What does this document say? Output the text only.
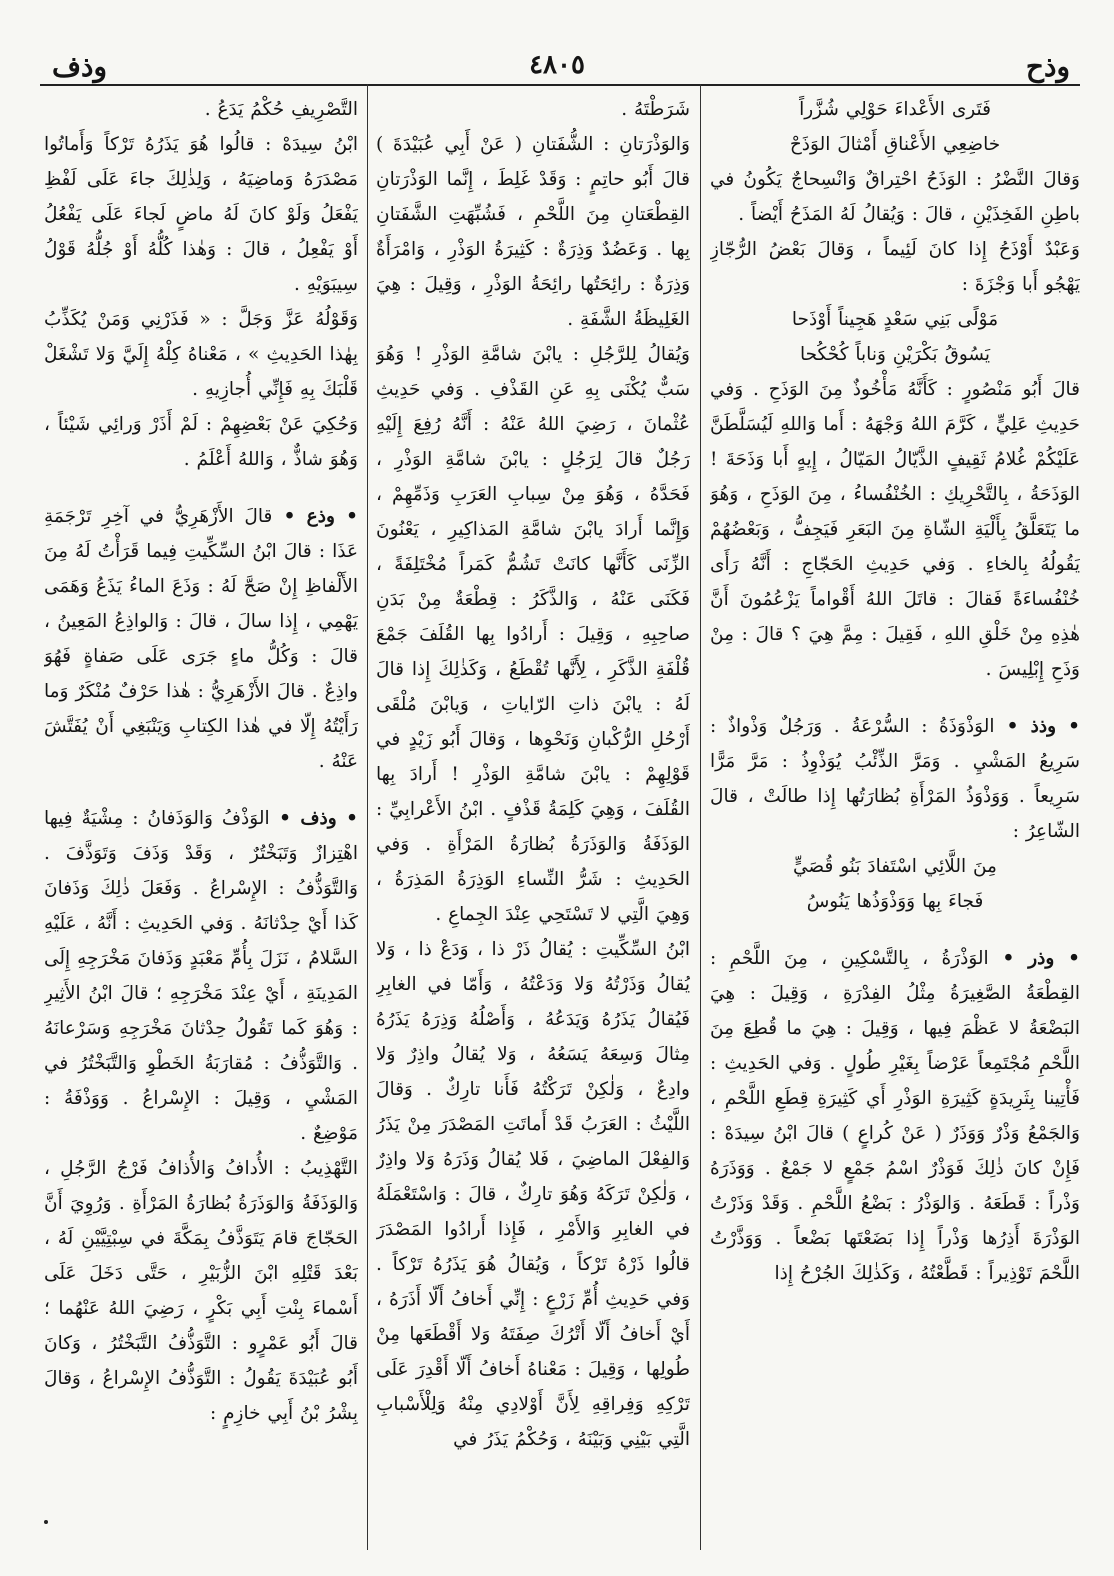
وذف	٤٨٠٥	وذح
فَتَرى الأَعْداءَ حَوْلِي شُزَّراً
خاضِعِي الأَعْناقِ أَمْثالَ الوَذَحْ

وَقالَ النَّضْرُ : الوَذَحُ احْتِراقٌ وَانْسِحاجٌ يَكُونُ في باطِنِ الفَخِذَيْنِ ، قالَ : وَيُقالُ لَهُ المَذَحُ أَيْضاً .

وَعَبْدٌ أَوْذَحُ إِذا كانَ لَئِيماً ، وَقالَ بَعْضُ الرُّجّازِ يَهْجُو أَبا وَجْزَةَ :

مَوْلًى بَنِي سَعْدٍ هَجِيناً أَوْذَحا
يَسُوقُ بَكْرَيْنِ وَناباً كُحْكُحا

قالَ أَبُو مَنْصُورٍ : كَأَنَّهُ مَأْخُوذٌ مِنَ الوَذَحِ . وَفي حَدِيثِ عَلِيٍّ ، كَرَّمَ اللهُ وَجْهَهُ : أَما وَاللهِ لَيُسَلَّطَنَّ عَلَيْكُمْ غُلامُ ثَقِيفٍ الذَّيّالُ المَيّالُ ، إِيهٍ أَبا وَذَحَةَ ! الوَذَحَةُ ، بِالتَّحْرِيكِ : الخُنْفُساءُ ، مِنَ الوَذَحِ ، وَهُوَ ما يَتَعَلَّقُ بِأَلْيَةِ الشّاةِ مِنَ البَعَرِ فَيَجِفُّ ، وَبَعْضُهُمْ يَقُولُهُ بِالخاءِ . وَفي حَدِيثِ الحَجّاجِ : أَنَّهُ رَأَى خُنْفُساءَةً فَقالَ : قاتَلَ اللهُ أَقْواماً يَزْعُمُونَ أَنَّ هٰذِهِ مِنْ خَلْقِ اللهِ ، فَقِيلَ : مِمَّ هِيَ ؟ قالَ : مِنْ وَذَحِ إِبْلِيسَ .

• وذذ • الوَذْوَذَةُ : السُّرْعَةُ . وَرَجُلٌ وَذْواذٌ : سَرِيعُ المَشْيِ . وَمَرَّ الذِّئْبُ يُوَذْوِذُ : مَرَّ مَرًّا سَرِيعاً . وَوَذْوَذُ المَرْأَةِ بُظارَتُها إِذا طالَتْ ، قالَ الشّاعِرُ :

مِنَ اللَّائِي اسْتَفادَ بَنُو قُصَيٍّ
فَجاءَ بِها وَوَذْوَذُها يَنُوسُ

• وذر • الوَذْرَةُ ، بِالتَّسْكِينِ ، مِنَ اللَّحْمِ : القِطْعَةُ الصَّغِيرَةُ مِثْلُ الفِدْرَةِ ، وَقِيلَ : هِيَ البَضْعَةُ لا عَظْمَ فِيها ، وَقِيلَ : هِيَ ما قُطِعَ مِنَ اللَّحْمِ مُجْتَمِعاً عَرْضاً بِغَيْرِ طُولٍ . وَفي الحَدِيثِ : فَأْتِينا بِثَرِيدَةٍ كَثِيرَةِ الوَذْرِ أَي كَثِيرَةِ قِطَعِ اللَّحْمِ ، وَالجَمْعُ وَذْرٌ وَوَذَرٌ ( عَنْ كُراعٍ ) قالَ ابْنُ سِيدَهْ : فَإِنْ كانَ ذٰلِكَ فَوَذْرٌ اسْمُ جَمْعٍ لا جَمْعٌ . وَوَذَرَهُ وَذْراً : قَطَعَهُ . وَالوَذْرُ : بَضْعُ اللَّحْمِ . وَقَدْ وَذَرْتُ الوَذْرَةَ أَذِرُها وَذْراً إِذا بَضَعْتَها بَضْعاً . وَوَذَّرْتُ اللَّحْمَ تَوْذِيراً : قَطَّعْتُهُ ، وَكَذٰلِكَ الجُرْحُ إِذا

شَرَطْتَهُ .

وَالوَذْرَتانِ : الشُّفَتانِ ( عَنْ أَبِي عُبَيْدَةَ ) قالَ أَبُو حاتِمٍ : وَقَدْ غَلِطَ ، إِنَّما الوَذْرَتانِ القِطْعَتانِ مِنَ اللَّحْمِ ، فَشُبِّهَتِ الشَّفَتانِ بِها . وَعَضُدٌ وَذِرَةٌ : كَثِيرَةُ الوَذْرِ ، وَامْرَأَةٌ وَذِرَةٌ : رائِحَتُها رائِحَةُ الوَذْرِ ، وَقِيلَ : هِيَ الغَلِيظَةُ الشَّفَةِ .

وَيُقالُ لِلرَّجُلِ : يابْنَ شامَّةِ الوَذْرِ ! وَهُوَ سَبٌّ يُكْنَى بِهِ عَنِ القَذْفِ . وَفي حَدِيثِ عُثْمانَ ، رَضِيَ اللهُ عَنْهُ : أَنَّهُ رُفِعَ إِلَيْهِ رَجُلٌ قالَ لِرَجُلٍ : يابْنَ شامَّةِ الوَذْرِ ، فَحَدَّهُ ، وَهُوَ مِنْ سِبابِ العَرَبِ وَذَمِّهِمْ ، وَإِنَّما أَرادَ يابْنَ شامَّةِ المَذاكِيرِ ، يَعْنُونَ الزِّنَى كَأَنَّها كانَتْ تَشُمُّ كَمَراً مُخْتَلِفَةً ، فَكَنَى عَنْهُ ، وَالذَّكَرُ : قِطْعَةٌ مِنْ بَدَنِ صاحِبِهِ ، وَقِيلَ : أَرادُوا بِها القُلَفَ جَمْعَ قُلْفَةِ الذَّكَرِ ، لِأَنَّها تُقْطَعُ ، وَكَذٰلِكَ إِذا قالَ لَهُ : يابْنَ ذاتِ الرّاياتِ ، وَيابْنَ مُلْقَى أَرْحُلِ الرُّكْبانِ وَنَحْوِها ، وَقالَ أَبُو زَيْدٍ في قَوْلِهِمْ : يابْنَ شامَّةِ الوَذْرِ ! أَرادَ بِها القُلَفَ ، وَهِيَ كَلِمَةُ قَذْفٍ . ابْنُ الأَعْرابِيِّ : الوَذَفَةُ وَالوَذَرَةُ بُظارَةُ المَرْأَةِ . وَفي الحَدِيثِ : شَرُّ النِّساءِ الوَذِرَةُ المَذِرَةُ ، وَهِيَ الَّتِي لا تَسْتَحِي عِنْدَ الجِماعِ .

ابْنُ السِّكِّيتِ : يُقالُ ذَرْ ذا ، وَدَعْ ذا ، وَلا يُقالُ وَذَرْتُهُ وَلا وَدَعْتُهُ ، وَأَمّا في الغابِرِ فَيُقالُ يَذَرُهُ وَيَدَعُهُ ، وَأَصْلُهُ وَذِرَهُ يَذَرُهُ مِثالَ وَسِعَهُ يَسَعُهُ ، وَلا يُقالُ واذِرٌ وَلا وادِعٌ ، وَلٰكِنْ تَرَكْتُهُ فَأَنا تارِكٌ . وَقالَ اللَّيْثُ : العَرَبُ قَدْ أَماتَتِ المَصْدَرَ مِنْ يَذَرُ وَالفِعْلَ الماضِيَ ، فَلا يُقالُ وَذَرَهُ وَلا واذِرٌ ، وَلٰكِنْ تَرَكَهُ وَهُوَ تارِكٌ ، قالَ : وَاسْتَعْمَلَهُ في الغابِرِ وَالأَمْرِ ، فَإِذا أَرادُوا المَصْدَرَ قالُوا ذَرْهُ تَرْكاً ، وَيُقالُ هُوَ يَذَرُهُ تَرْكاً . وَفي حَدِيثِ أُمِّ زَرْعٍ : إِنِّي أَخافُ أَلّا أَذَرَهُ ، أَيْ أَخافُ أَلّا أَتْرُكَ صِفَتَهُ وَلا أَقْطَعَها مِنْ طُولِها ، وَقِيلَ : مَعْناهُ أَخافُ أَلّا أَقْدِرَ عَلَى تَرْكِهِ وَفِراقِهِ لِأَنَّ أَوْلادِي مِنْهُ وَلِلْأَسْبابِ الَّتِي بَيْنِي وَبَيْنَهُ ، وَحُكْمُ يَذَرُ في

التَّصْرِيفِ حُكْمُ يَدَعُ .

ابْنُ سِيدَهْ : قالُوا هُوَ يَذَرُهُ تَرْكاً وَأَماتُوا مَصْدَرَهُ وَماضِيَهُ ، وَلِذٰلِكَ جاءَ عَلَى لَفْظِ يَفْعَلُ وَلَوْ كانَ لَهُ ماضٍ لَجاءَ عَلَى يَفْعُلُ أَوْ يَفْعِلُ ، قالَ : وَهٰذا كُلُّهُ أَوْ جُلُّهُ قَوْلُ سِيبَوَيْهِ .

وَقَوْلُهُ عَزَّ وَجَلَّ : « فَذَرْنِي وَمَنْ يُكَذِّبُ بِهٰذا الحَدِيثِ » ، مَعْناهُ كِلْهُ إِلَيَّ وَلا تَشْغَلْ قَلْبَكَ بِهِ فَإِنِّي أُجازِيهِ .

وَحُكِيَ عَنْ بَعْضِهِمْ : لَمْ أَذَرْ وَرائِي شَيْئاً ، وَهُوَ شاذٌّ ، وَاللهُ أَعْلَمُ .

• وذع • قالَ الأَزْهَرِيُّ في آخِرِ تَرْجَمَةِ عَذَا : قالَ ابْنُ السِّكِّيتِ فِيما قَرَأْتُ لَهُ مِنَ الأَلْفاظِ إِنْ صَحَّ لَهُ : وَذَعَ الماءُ يَذَعُ وَهَمَى يَهْمِي ، إِذا سالَ ، قالَ : وَالواذِعُ المَعِينُ ، قالَ : وَكُلُّ ماءٍ جَرَى عَلَى صَفاةٍ فَهُوَ واذِعٌ . قالَ الأَزْهَرِيُّ : هٰذا حَرْفٌ مُنْكَرٌ وَما رَأَيْتُهُ إِلّا في هٰذا الكِتابِ وَيَنْبَغِي أَنْ يُفَتَّشَ عَنْهُ .

• وذف • الوَذْفُ وَالوَذَفانُ : مِشْيَةٌ فِيها اهْتِزازٌ وَتَبَخْتُرٌ ، وَقَدْ وَذَفَ وَتَوَذَّفَ . وَالتَّوَذُّفُ : الإِسْراعُ . وَفَعَلَ ذٰلِكَ وَذَفانَ كَذا أَيْ حِدْثانَهُ . وَفي الحَدِيثِ : أَنَّهُ ، عَلَيْهِ السَّلامُ ، نَزَلَ بِأُمِّ مَعْبَدٍ وَذَفانَ مَخْرَجِهِ إِلَى المَدِينَةِ ، أَيْ عِنْدَ مَخْرَجِهِ ؛ قالَ ابْنُ الأَثِيرِ : وَهُوَ كَما تَقُولُ حِدْثانَ مَخْرَجِهِ وَسَرْعانَهُ . وَالتَّوَذُّفُ : مُقارَبَةُ الخَطْوِ وَالتَّبَخْتُرُ في المَشْيِ ، وَقِيلَ : الإِسْراعُ . وَوَذْفَةُ : مَوْضِعٌ .

التَّهْذِيبُ : الأُدافُ وَالأُذافُ فَرْجُ الرَّجُلِ ، وَالوَذَفَةُ وَالوَذَرَةُ بُظارَةُ المَرْأَةِ . وَرُوِيَ أَنَّ الحَجّاجَ قامَ يَتَوَذَّفُ بِمَكَّةَ في سِبْتِيَّيْنِ لَهُ ، بَعْدَ قَتْلِهِ ابْنَ الزُّبَيْرِ ، حَتَّى دَخَلَ عَلَى أَسْماءَ بِنْتِ أَبِي بَكْرٍ ، رَضِيَ اللهُ عَنْهُما ؛ قالَ أَبُو عَمْرٍو : التَّوَذُّفُ التَّبَخْتُرُ ، وَكانَ أَبُو عُبَيْدَةَ يَقُولُ : التَّوَذُّفُ الإِسْراعُ ، وَقالَ بِشْرُ بْنُ أَبِي خازِمٍ :
